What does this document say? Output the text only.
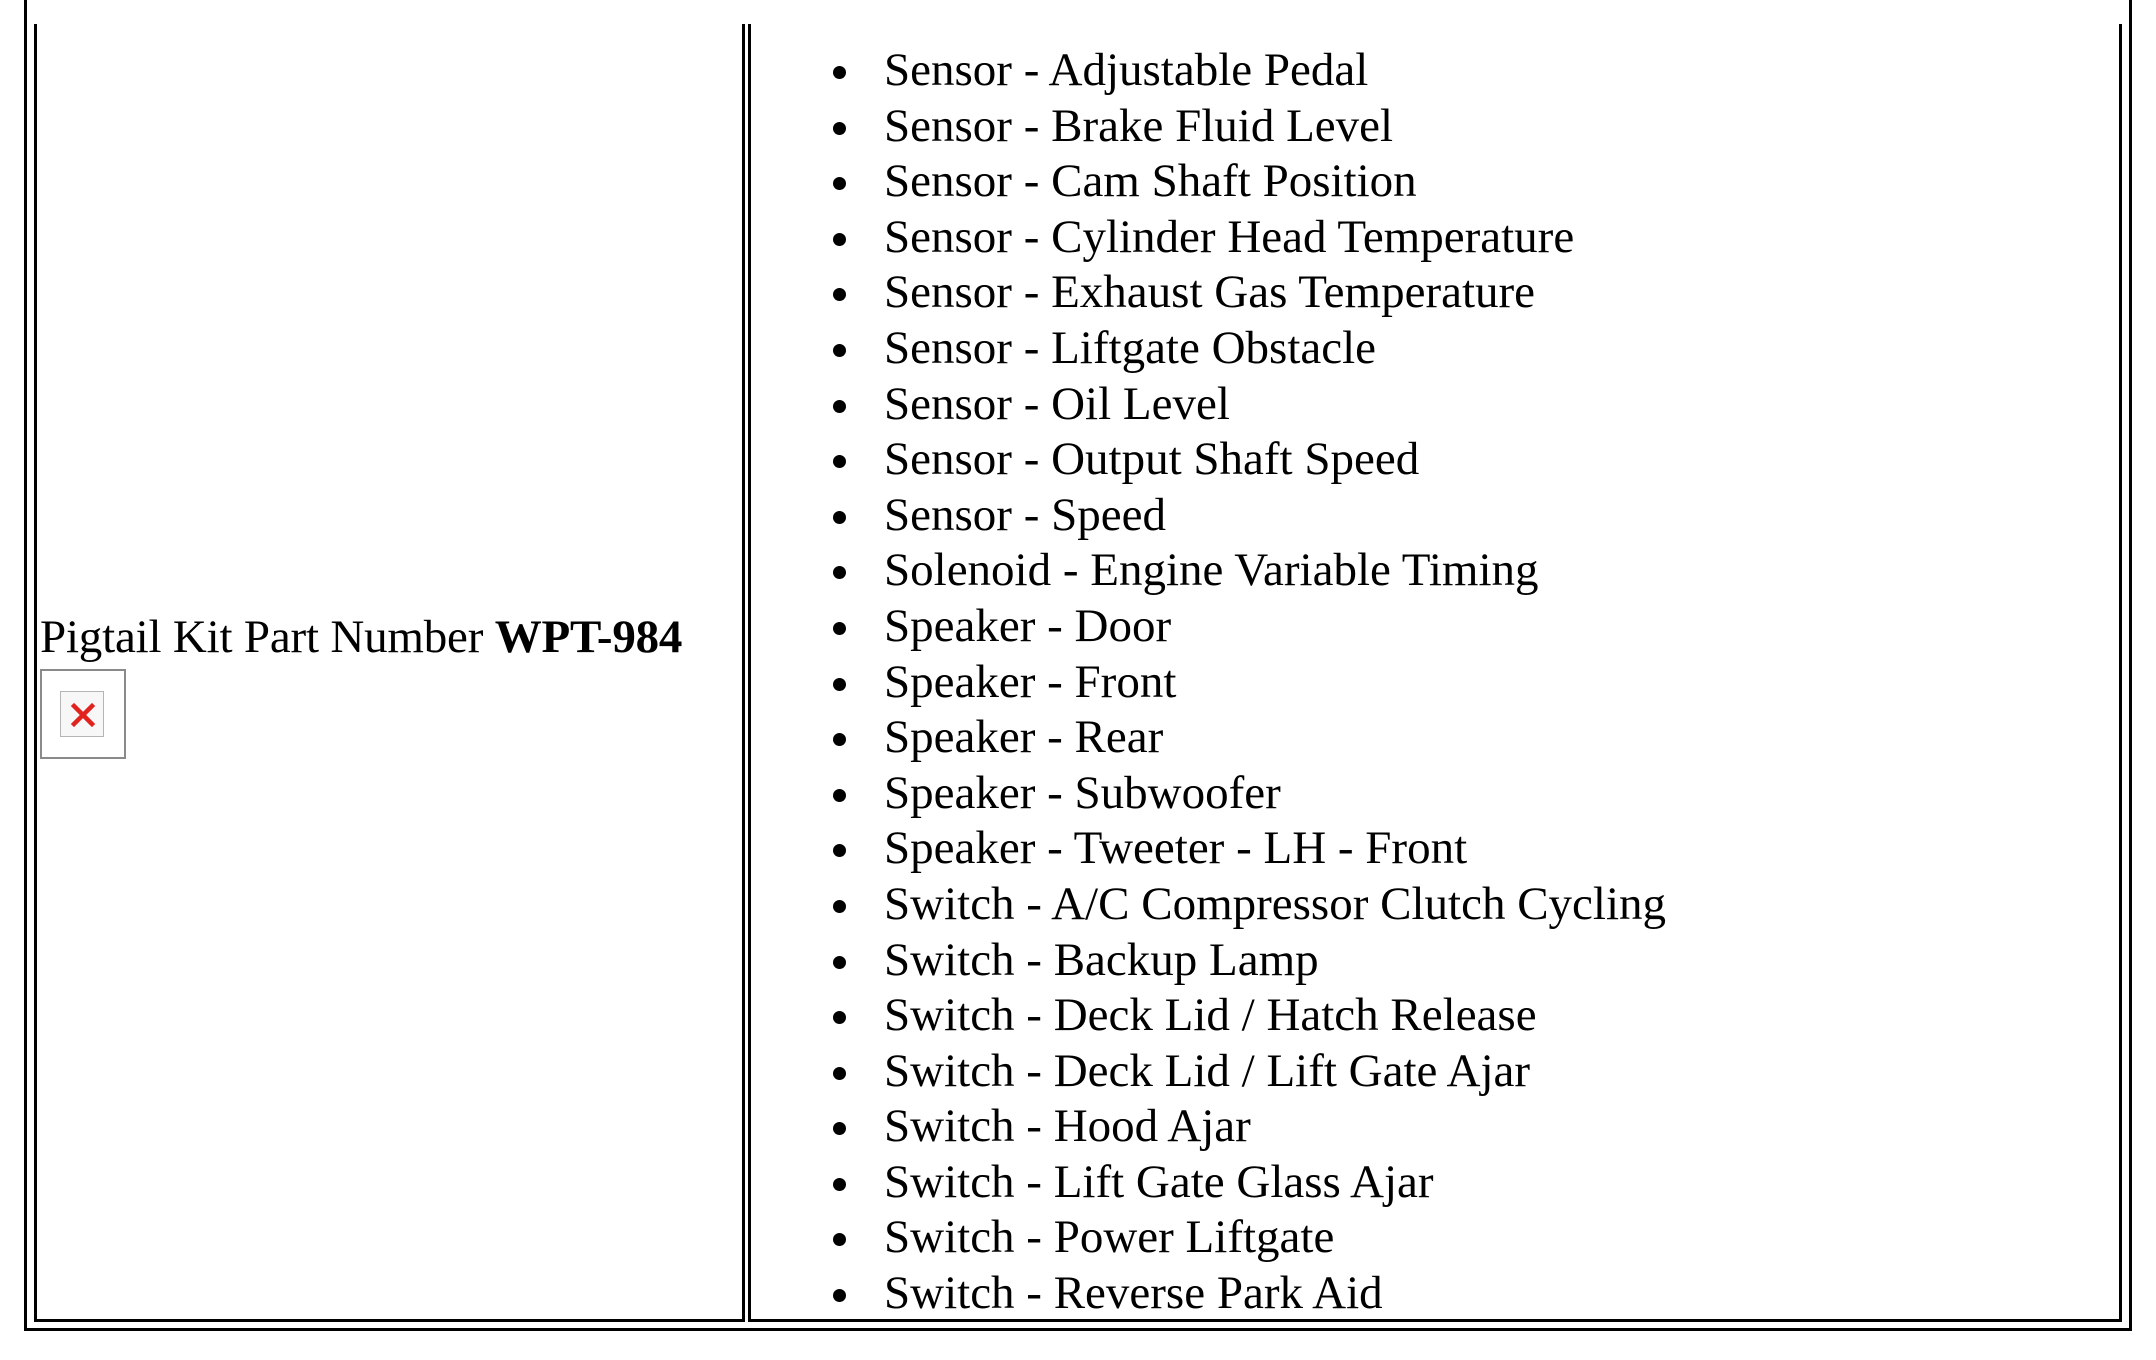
Pigtail Kit Part Number WPT-984
Sensor - Adjustable Pedal
Sensor - Brake Fluid Level
Sensor - Cam Shaft Position
Sensor - Cylinder Head Temperature
Sensor - Exhaust Gas Temperature
Sensor - Liftgate Obstacle
Sensor - Oil Level
Sensor - Output Shaft Speed
Sensor - Speed
Solenoid - Engine Variable Timing
Speaker - Door
Speaker - Front
Speaker - Rear
Speaker - Subwoofer
Speaker - Tweeter - LH - Front
Switch - A/C Compressor Clutch Cycling
Switch - Backup Lamp
Switch - Deck Lid / Hatch Release
Switch - Deck Lid / Lift Gate Ajar
Switch - Hood Ajar
Switch - Lift Gate Glass Ajar
Switch - Power Liftgate
Switch - Reverse Park Aid
